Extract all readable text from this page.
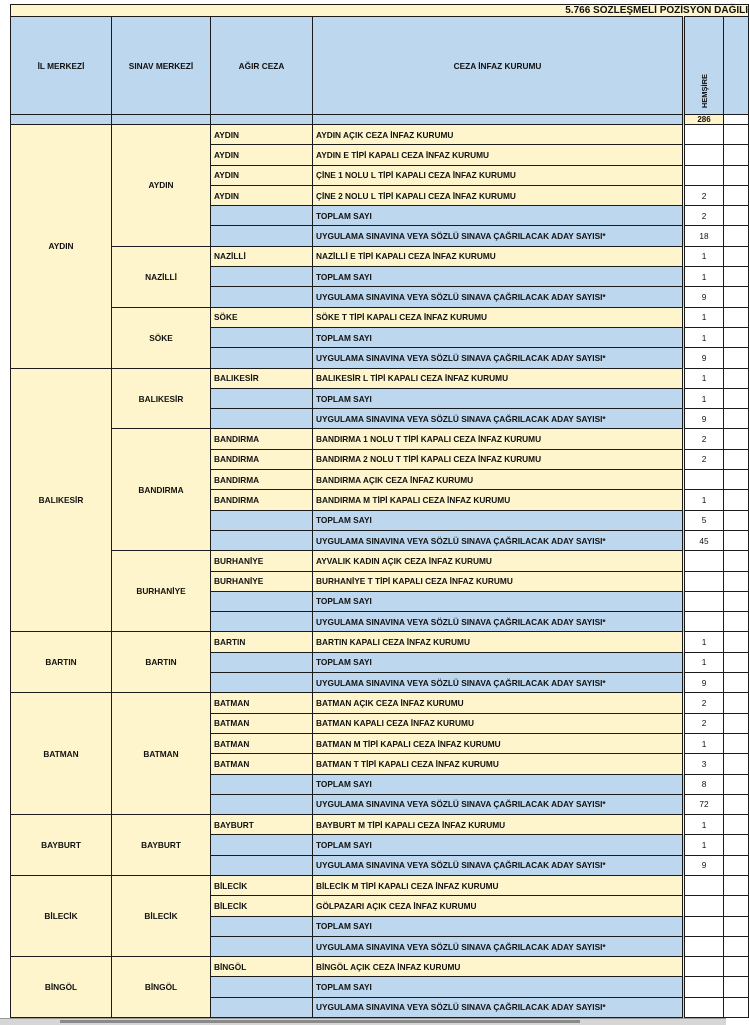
5.766 SÖZLEŞMELİ POZİSYON DAĞILI					
İL MERKEZİ	SINAV MERKEZİ	AĞIR CEZA	CEZA İNFAZ KURUMU	HEMŞİRE	
				286	
AYDIN	AYDIN	AYDIN	AYDIN AÇIK CEZA İNFAZ KURUMU		
		AYDIN	AYDIN E TİPİ KAPALI CEZA İNFAZ KURUMU		
		AYDIN	ÇİNE 1 NOLU L TİPİ KAPALI CEZA İNFAZ KURUMU		
		AYDIN	ÇİNE 2 NOLU L TİPİ KAPALI CEZA İNFAZ KURUMU	2	
			TOPLAM SAYI	2	
			UYGULAMA SINAVINA VEYA SÖZLÜ SINAVA ÇAĞRILACAK ADAY SAYISI*	18	
	NAZİLLİ	NAZİLLİ	NAZİLLİ E TİPİ KAPALI CEZA İNFAZ KURUMU	1	
			TOPLAM SAYI	1	
			UYGULAMA SINAVINA VEYA SÖZLÜ SINAVA ÇAĞRILACAK ADAY SAYISI*	9	
	SÖKE	SÖKE	SÖKE T TİPİ KAPALI CEZA İNFAZ KURUMU	1	
			TOPLAM SAYI	1	
			UYGULAMA SINAVINA VEYA SÖZLÜ SINAVA ÇAĞRILACAK ADAY SAYISI*	9	
BALIKESİR	BALIKESİR	BALIKESİR	BALIKESİR L TİPİ KAPALI CEZA İNFAZ KURUMU	1	
			TOPLAM SAYI	1	
			UYGULAMA SINAVINA VEYA SÖZLÜ SINAVA ÇAĞRILACAK ADAY SAYISI*	9	
	BANDIRMA	BANDIRMA	BANDIRMA 1 NOLU T TİPİ KAPALI CEZA İNFAZ KURUMU	2	
		BANDIRMA	BANDIRMA 2 NOLU T TİPİ KAPALI CEZA İNFAZ KURUMU	2	
		BANDIRMA	BANDIRMA AÇIK CEZA İNFAZ KURUMU		
		BANDIRMA	BANDIRMA M TİPİ KAPALI CEZA İNFAZ KURUMU	1	
			TOPLAM SAYI	5	
			UYGULAMA SINAVINA VEYA SÖZLÜ SINAVA ÇAĞRILACAK ADAY SAYISI*	45	
	BURHANİYE	BURHANİYE	AYVALIK KADIN AÇIK CEZA İNFAZ KURUMU		
		BURHANİYE	BURHANİYE T TİPİ KAPALI CEZA İNFAZ KURUMU		
			TOPLAM SAYI		
			UYGULAMA SINAVINA VEYA SÖZLÜ SINAVA ÇAĞRILACAK ADAY SAYISI*		
BARTIN	BARTIN	BARTIN	BARTIN KAPALI CEZA İNFAZ KURUMU	1	
			TOPLAM SAYI	1	
			UYGULAMA SINAVINA VEYA SÖZLÜ SINAVA ÇAĞRILACAK ADAY SAYISI*	9	
BATMAN	BATMAN	BATMAN	BATMAN AÇIK CEZA İNFAZ KURUMU	2	
		BATMAN	BATMAN KAPALI CEZA İNFAZ KURUMU	2	
		BATMAN	BATMAN M TİPİ KAPALI CEZA İNFAZ KURUMU	1	
		BATMAN	BATMAN T TİPİ KAPALI CEZA İNFAZ KURUMU	3	
			TOPLAM SAYI	8	
			UYGULAMA SINAVINA VEYA SÖZLÜ SINAVA ÇAĞRILACAK ADAY SAYISI*	72	
BAYBURT	BAYBURT	BAYBURT	BAYBURT M TİPİ KAPALI CEZA İNFAZ KURUMU	1	
			TOPLAM SAYI	1	
			UYGULAMA SINAVINA VEYA SÖZLÜ SINAVA ÇAĞRILACAK ADAY SAYISI*	9	
BİLECİK	BİLECİK	BİLECİK	BİLECİK M TİPİ KAPALI CEZA İNFAZ KURUMU		
		BİLECİK	GÖLPAZARI AÇIK CEZA İNFAZ KURUMU		
			TOPLAM SAYI		
			UYGULAMA SINAVINA VEYA SÖZLÜ SINAVA ÇAĞRILACAK ADAY SAYISI*		
BİNGÖL	BİNGÖL	BİNGÖL	BİNGÖL AÇIK CEZA İNFAZ KURUMU		
			TOPLAM SAYI		
			UYGULAMA SINAVINA VEYA SÖZLÜ SINAVA ÇAĞRILACAK ADAY SAYISI*		
